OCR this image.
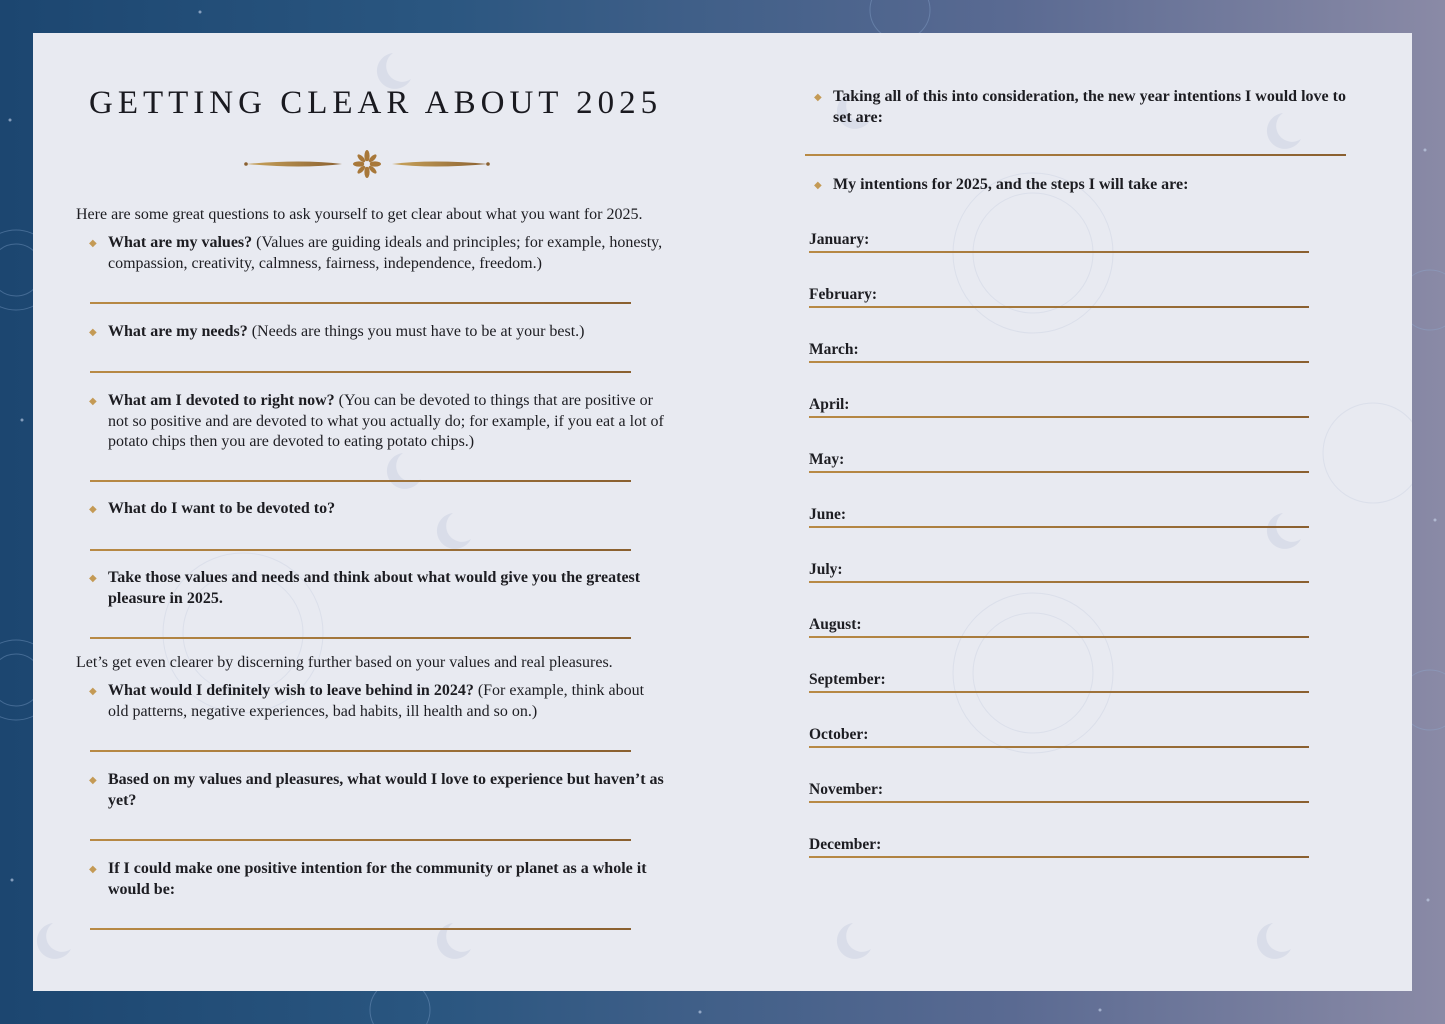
GETTING CLEAR ABOUT 2025
Here are some great questions to ask yourself to get clear about what you want for 2025.
◆ What are my values? (Values are guiding ideals and principles; for example, honesty, compassion, creativity, calmness, fairness, independence, freedom.)
◆ What are my needs? (Needs are things you must have to be at your best.)
◆ What am I devoted to right now? (You can be devoted to things that are positive or not so positive and are devoted to what you actually do; for example, if you eat a lot of potato chips then you are devoted to eating potato chips.)
◆ What do I want to be devoted to?
◆ Take those values and needs and think about what would give you the greatest pleasure in 2025.
Let’s get even clearer by discerning further based on your values and real pleasures.
◆ What would I definitely wish to leave behind in 2024? (For example, think about old patterns, negative experiences, bad habits, ill health and so on.)
◆ Based on my values and pleasures, what would I love to experience but haven’t as yet?
◆ If I could make one positive intention for the community or planet as a whole it would be:
◆ Taking all of this into consideration, the new year intentions I would love to set are:
◆ My intentions for 2025, and the steps I will take are:
January:
February:
March:
April:
May:
June:
July:
August:
September:
October:
November:
December:
